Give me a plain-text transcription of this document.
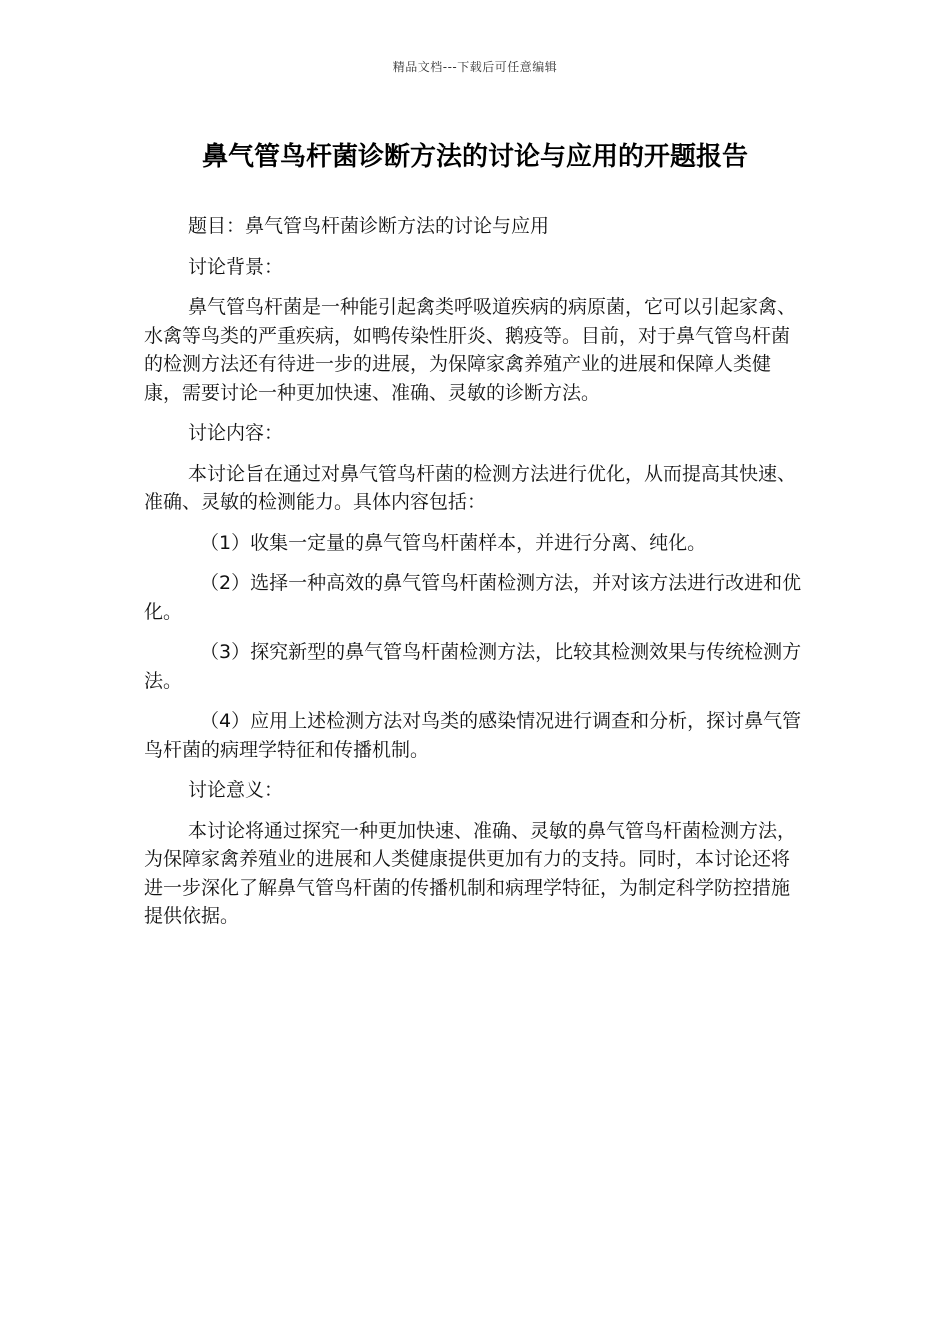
精品文档---下载后可任意编辑
鼻气管鸟杆菌诊断方法的讨论与应用的开题报告

题目：鼻气管鸟杆菌诊断方法的讨论与应用

讨论背景：

鼻气管鸟杆菌是一种能引起禽类呼吸道疾病的病原菌，它可以引起家禽、水禽等鸟类的严重疾病，如鸭传染性肝炎、鹅疫等。目前，对于鼻气管鸟杆菌的检测方法还有待进一步的进展，为保障家禽养殖产业的进展和保障人类健康，需要讨论一种更加快速、准确、灵敏的诊断方法。

讨论内容：

本讨论旨在通过对鼻气管鸟杆菌的检测方法进行优化，从而提高其快速、准确、灵敏的检测能力。具体内容包括：

（1）收集一定量的鼻气管鸟杆菌样本，并进行分离、纯化。

（2）选择一种高效的鼻气管鸟杆菌检测方法，并对该方法进行改进和优化。

（3）探究新型的鼻气管鸟杆菌检测方法，比较其检测效果与传统检测方法。

（4）应用上述检测方法对鸟类的感染情况进行调查和分析，探讨鼻气管鸟杆菌的病理学特征和传播机制。

讨论意义：

本讨论将通过探究一种更加快速、准确、灵敏的鼻气管鸟杆菌检测方法，为保障家禽养殖业的进展和人类健康提供更加有力的支持。同时，本讨论还将进一步深化了解鼻气管鸟杆菌的传播机制和病理学特征，为制定科学防控措施提供依据。
